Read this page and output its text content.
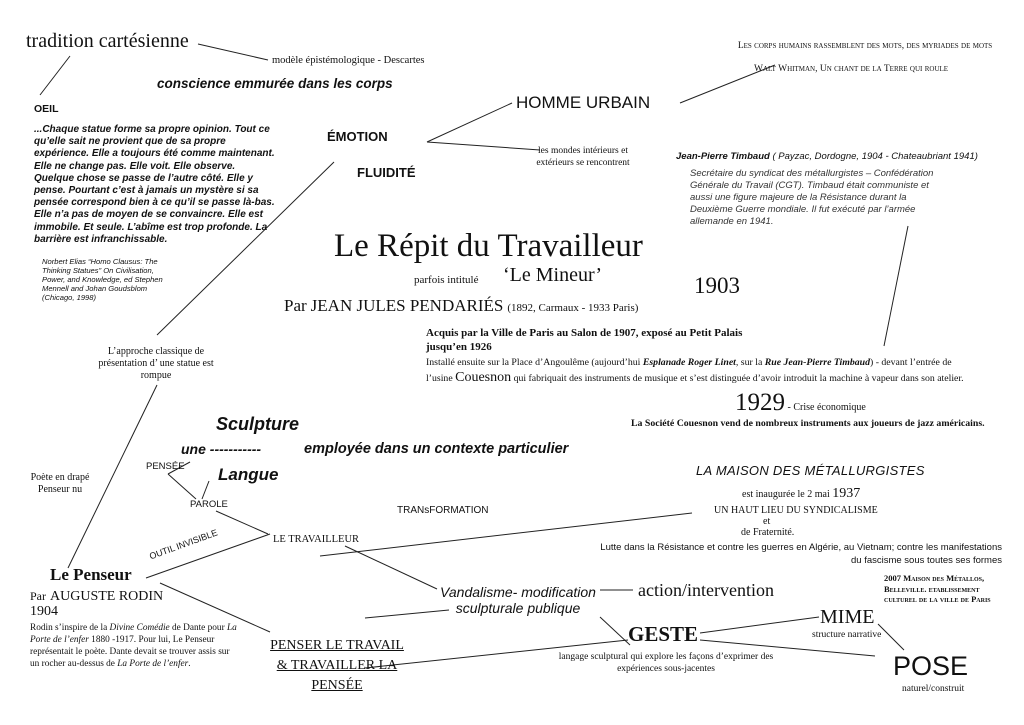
tradition cartésienne
modèle épistémologique - Descartes
conscience emmurée dans les corps
OEIL
...Chaque statue forme sa propre opinion. Tout ce qu’elle sait ne provient que de sa propre expérience. Elle a toujours été comme maintenant. Elle ne change pas. Elle voit. Elle observe. Quelque chose se passe de l’autre côté. Elle y pense. Pourtant c’est à jamais un mystère si sa pensée correspond bien à ce qu’il se passe là-bas. Elle n’a pas de moyen de se convaincre. Elle est immobile. Et seule. L’abîme est trop profonde. La barrière est infranchissable.
Norbert Elias “Homo Clausus: The Thinking Statues” On Civilisation, Power, and Knowledge, ed Stephen Mennell and Johan Goudsblom (Chicago, 1998)
ÉMOTION
FLUIDITÉ
HOMME URBAIN
les mondes intérieurs et extérieurs se rencontrent
Les corps humains rassemblent des mots, des myriades de mots
Walt Whitman, Un chant de la Terre qui roule
Jean-Pierre Timbaud ( Payzac, Dordogne, 1904 - Chateaubriant 1941)
Secrétaire du syndicat des métallurgistes – Confédération Générale du Travail (CGT). Timbaud était communiste et aussi une figure majeure de la Résistance durant la Deuxième Guerre mondiale. Il fut exécuté par l’armée allemande en 1941.
Le Répit du Travailleur
parfois intitulé ‘Le Mineur’	1903
Par JEAN JULES PENDARIÉS (1892, Carmaux - 1933 Paris)
Acquis par la Ville de Paris au Salon de 1907, exposé au Petit Palais jusqu’en 1926
Installé ensuite sur la Place d’Angoulême (aujourd’hui Esplanade Roger Linet, sur la Rue Jean-Pierre Timbaud) - devant l’entrée de l’usine Couesnon qui fabriquait des instruments de musique et s’est distinguée d’avoir introduit la machine à vapeur dans son atelier.
1929 - Crise économique
La Société Couesnon vend de nombreux instruments aux joueurs de jazz américains.
L’approche classique de présentation d’ une statue est rompue
Poète en drapé Penseur nu
Sculpture
une -----------	employée dans un contexte particulier
PENSÉE Langue
PAROLE
TRANsFORMATION
LE TRAVAILLEUR
OUTIL INVISIBLE
Le Penseur
Par AUGUSTE RODIN
1904
Rodin s’inspire de la Divine Comédie de Dante pour La Porte de l’enfer 1880 -1917. Pour lui, Le Penseur représentait le poète. Dante devait se trouver assis sur un rocher au-dessus de La Porte de l’enfer.
PENSER LE TRAVAIL & TRAVAILLER LA PENSÉE
Vandalisme- modification sculpturale publique
GESTE
langage sculptural qui explore les façons d’exprimer des expériences sous-jacentes
action/intervention
MIME
structure narrative
POSE
naturel/construit
LA MAISON DES MÉTALLURGISTES
est inaugurée le 2 mai 1937
UN HAUT LIEU DU SYNDICALISME
et
de Fraternité.
Lutte dans la Résistance et contre les guerres en Algérie, au Vietnam; contre les manifestations du fascisme sous toutes ses formes
2007 Maison des Métallos, Belleville. etablissement culturel de la ville de Paris
